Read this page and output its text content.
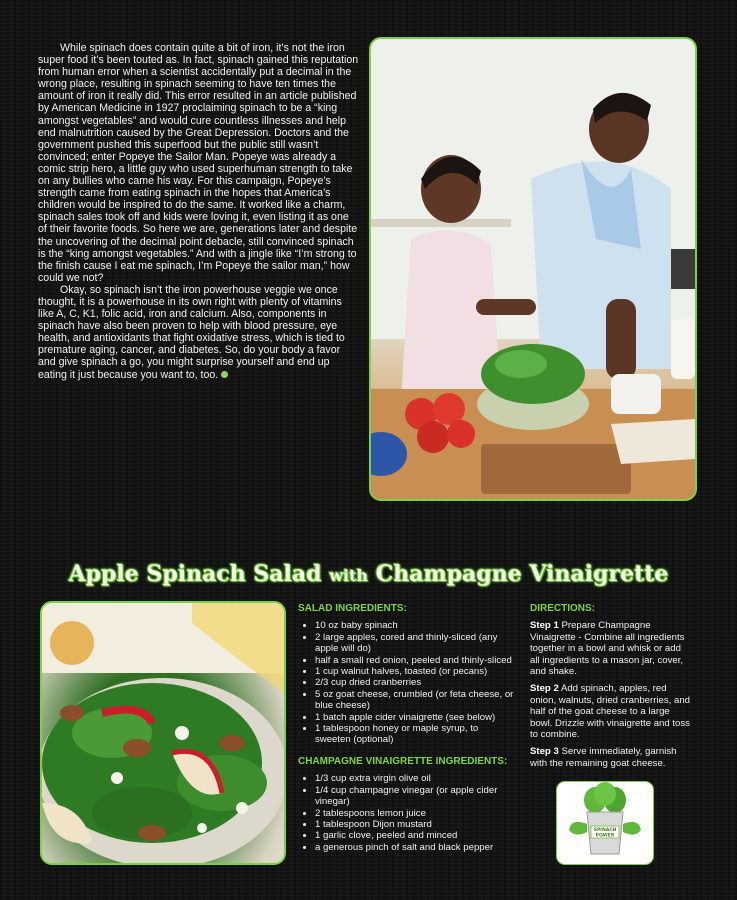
While spinach does contain quite a bit of iron, it’s not the iron super food it’s been touted as. In fact, spinach gained this reputation from human error when a scientist accidentally put a decimal in the wrong place, resulting in spinach seeming to have ten times the amount of iron it really did. This error resulted in an article published by American Medicine in 1927 proclaiming spinach to be a “king amongst vegetables” and would cure countless illnesses and help end malnutrition caused by the Great Depression. Doctors and the government pushed this superfood but the public still wasn’t convinced; enter Popeye the Sailor Man. Popeye was already a comic strip hero, a little guy who used superhuman strength to take on any bullies who came his way. For this campaign, Popeye’s strength came from eating spinach in the hopes that America’s children would be inspired to do the same. It worked like a charm, spinach sales took off and kids were loving it, even listing it as one of their favorite foods. So here we are, generations later and despite the uncovering of the decimal point debacle, still convinced spinach is the “king amongst vegetables.” And with a jingle like “I’m strong to the finish cause I eat me spinach, I’m Popeye the sailor man,” how could we not?

Okay, so spinach isn’t the iron powerhouse veggie we once thought, it is a powerhouse in its own right with plenty of vitamins like A, C, K1, folic acid, iron and calcium. Also, components in spinach have also been proven to help with blood pressure, eye health, and antioxidants that fight oxidative stress, which is tied to premature aging, cancer, and diabetes. So, do your body a favor and give spinach a go, you might surprise yourself and end up eating it just because you want to, too.

Apple Spinach Salad with Champagne Vinaigrette
SALAD INGREDIENTS:
• 10 oz baby spinach
• 2 large apples, cored and thinly-sliced (any apple will do)
• half a small red onion, peeled and thinly-sliced
• 1 cup walnut halves, toasted (or pecans)
• 2/3 cup dried cranberries
• 5 oz goat cheese, crumbled (or feta cheese, or blue cheese)
• 1 batch apple cider vinaigrette (see below)
• 1 tablespoon honey or maple syrup, to sweeten (optional)
CHAMPAGNE VINAIGRETTE INGREDIENTS:
• 1/3 cup extra virgin olive oil
• 1/4 cup champagne vinegar (or apple cider vinegar)
• 2 tablespoons lemon juice
• 1 tablespoon Dijon mustard
• 1 garlic clove, peeled and minced
• a generous pinch of salt and black pepper
DIRECTIONS:

Step 1 Prepare Champagne Vinaigrette - Combine all ingredients together in a bowl and whisk or add all ingredients to a mason jar, cover, and shake.

Step 2 Add spinach, apples, red onion, walnuts, dried cranberries, and half of the goat cheese to a large bowl. Drizzle with vinaigrette and toss to combine.

Step 3 Serve immediately, garnish with the remaining goat cheese.

SPINACH
POWER
